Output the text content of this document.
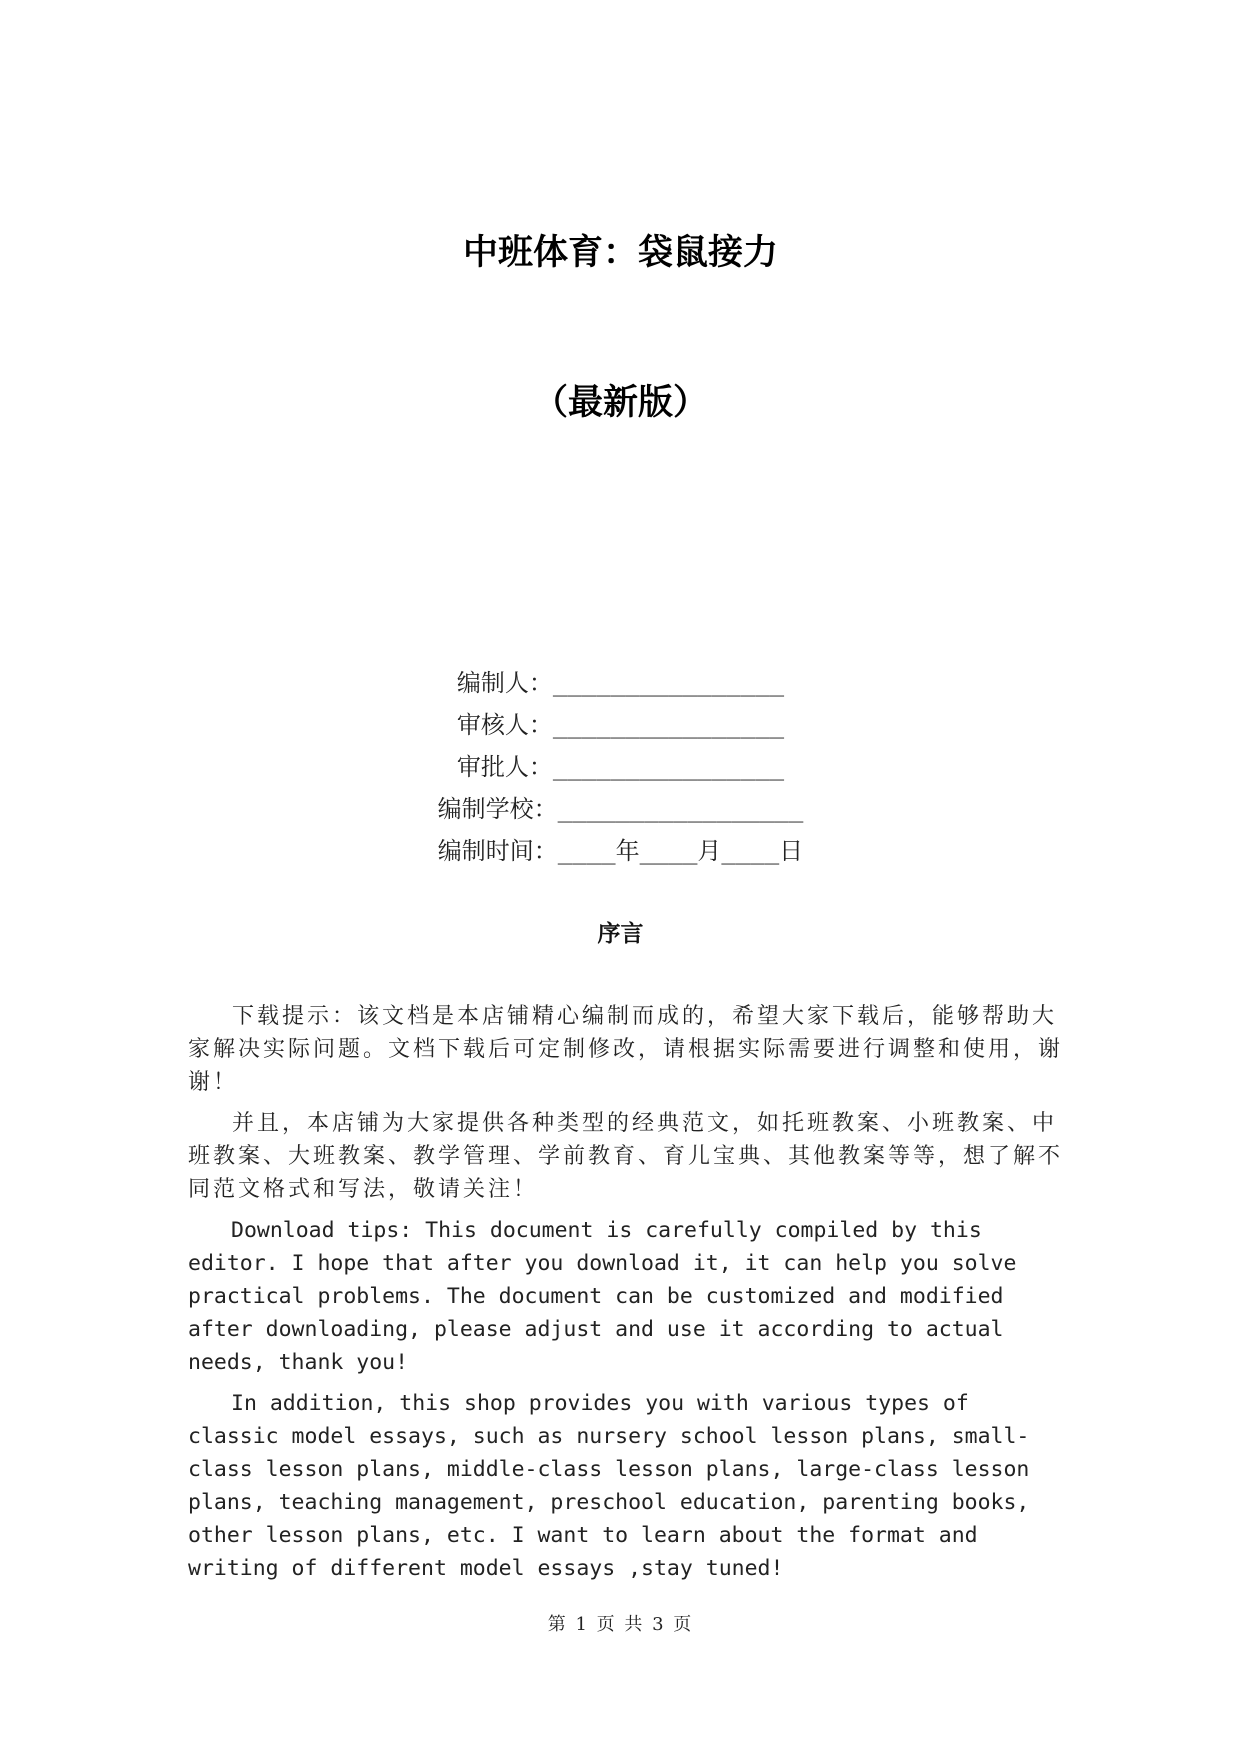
中班体育：袋鼠接力
（最新版）
编制人： ________________
审核人： ________________
审批人： ________________
编制学校： _________________
编制时间： ____年____月____日
序言

下载提示：该文档是本店铺精心编制而成的，希望大家下载后，能够帮助大家解决实际问题。文档下载后可定制修改，请根据实际需要进行调整和使用，谢谢！

并且，本店铺为大家提供各种类型的经典范文，如托班教案、小班教案、中班教案、大班教案、教学管理、学前教育、育儿宝典、其他教案等等，想了解不同范文格式和写法，敬请关注！

Download tips: This document is carefully compiled by this editor. I hope that after you download it, it can help you solve practical problems. The document can be customized and modified after downloading, please adjust and use it according to actual needs, thank you!

In addition, this shop provides you with various types of classic model essays, such as nursery school lesson plans, small-class lesson plans, middle-class lesson plans, large-class lesson plans, teaching management, preschool education, parenting books, other lesson plans, etc. I want to learn about the format and writing of different model essays ,stay tuned!

第 1 页 共 3 页
